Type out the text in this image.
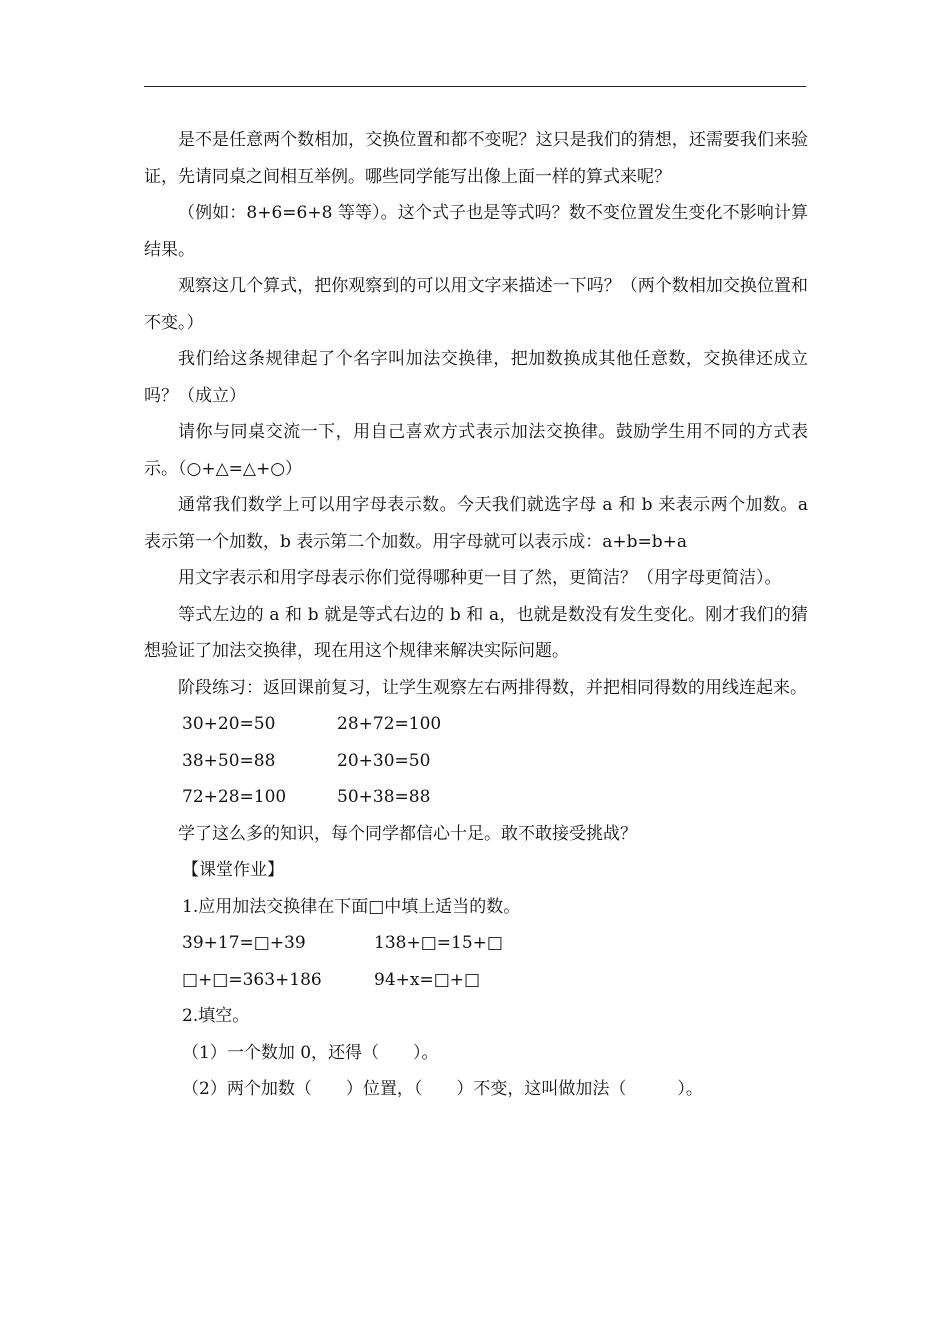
是不是任意两个数相加，交换位置和都不变呢？这只是我们的猜想，还需要我们来验证，先请同桌之间相互举例。哪些同学能写出像上面一样的算式来呢？

（例如：8+6=6+8 等等）。这个式子也是等式吗？数不变位置发生变化不影响计算结果。

观察这几个算式，把你观察到的可以用文字来描述一下吗？（两个数相加交换位置和不变。）

我们给这条规律起了个名字叫加法交换律，把加数换成其他任意数，交换律还成立吗？（成立）

请你与同桌交流一下，用自己喜欢方式表示加法交换律。鼓励学生用不同的方式表示。（○+△=△+○）

通常我们数学上可以用字母表示数。今天我们就选字母 a 和 b 来表示两个加数。a 表示第一个加数，b 表示第二个加数。用字母就可以表示成：a+b=b+a

用文字表示和用字母表示你们觉得哪种更一目了然，更简洁？（用字母更简洁）。

等式左边的 a 和 b 就是等式右边的 b 和 a，也就是数没有发生变化。刚才我们的猜想验证了加法交换律，现在用这个规律来解决实际问题。

阶段练习：返回课前复习，让学生观察左右两排得数，并把相同得数的用线连起来。

30+20=50	28+72=100
38+50=88	20+30=50
72+28=100	50+38=88

学了这么多的知识，每个同学都信心十足。敢不敢接受挑战？

【课堂作业】

1.应用加法交换律在下面□中填上适当的数。

39+17=□+39	138+□=15+□
□+□=363+186	94+x=□+□

2.填空。

（1）一个数加 0，还得（　　）。

（2）两个加数（　　）位置，（　　）不变，这叫做加法（　　　）。
